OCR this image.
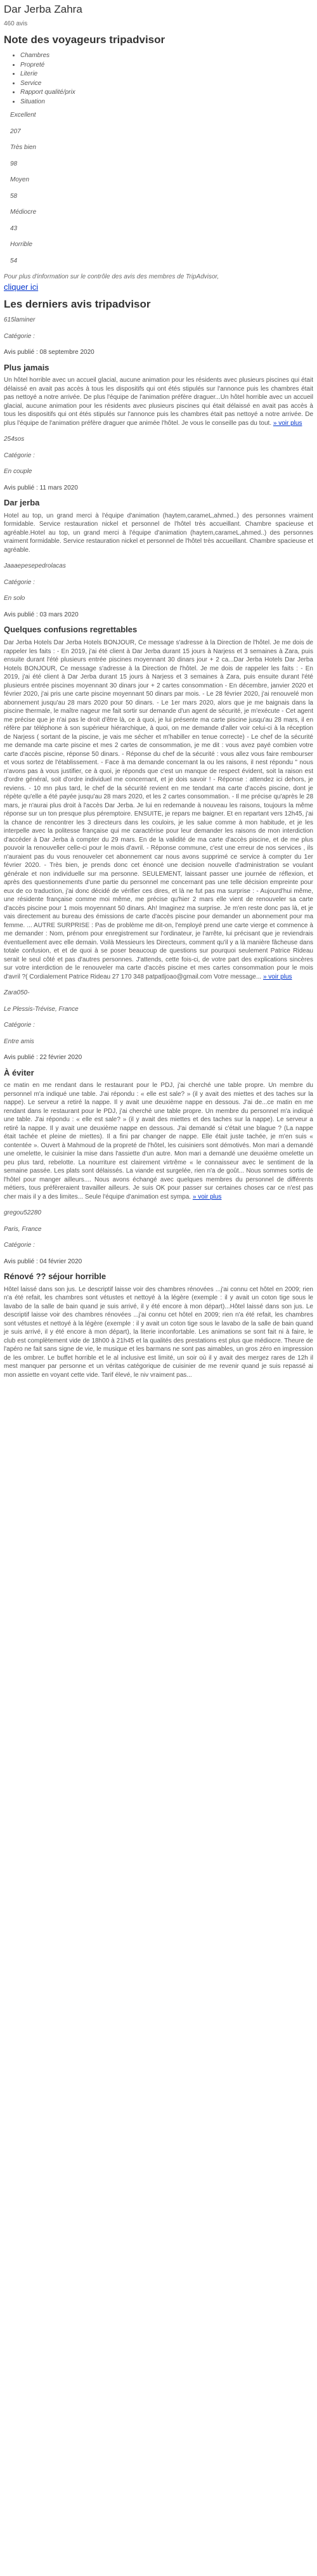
Dar Jerba Zahra
460 avis
Note des voyageurs tripadvisor
• Chambres
• Propreté
• Literie
• Service
• Rapport qualité/prix
• Situation
Excellent
207
Très bien
98
Moyen
58
Médiocre
43
Horrible
54
Pour plus d'information sur le contrôle des avis des membres de TripAdvisor,
cliquer ici
Les derniers avis tripadvisor

615laminer

Catégorie :

Avis publié : 08 septembre 2020
Plus jamais

Un hôtel horrible avec un accueil glacial, aucune animation pour les résidents avec plusieurs piscines qui était délaissé en avait pas accès à tous les dispositifs qui ont étés stipulés sur l'annonce puis les chambres était pas nettoyé a notre arrivée. De plus l'équipe de l'animation préfère draguer...Un hôtel horrible avec un accueil glacial, aucune animation pour les résidents avec plusieurs piscines qui était délaissé en avait pas accès à tous les dispositifs qui ont étés stipulés sur l'annonce puis les chambres était pas nettoyé a notre arrivée. De plus l'équipe de l'animation préfère draguer que animée l'hôtel. Je vous le conseille pas du tout. » voir plus

254sos

Catégorie :

En couple

Avis publié : 11 mars 2020
Dar jerba

Hotel au top, un grand merci à l'équipe d'animation (haytem,carameL,ahmed..) des personnes vraiment formidable. Service restauration nickel et personnel de l'hôtel très accueillant. Chambre spacieuse et agréable.Hotel au top, un grand merci à l'équipe d'animation (haytem,carameL,ahmed..) des personnes vraiment formidable. Service restauration nickel et personnel de l'hôtel très accueillant. Chambre spacieuse et agréable.

Jaaaepesepedrolacas

Catégorie :

En solo

Avis publié : 03 mars 2020
Quelques confusions regrettables

Dar Jerba Hotels Dar Jerba Hotels BONJOUR, Ce message s'adresse à la Direction de l'hôtel. Je me dois de rappeler les faits : - En 2019, j'ai été client à Dar Jerba durant 15 jours à Narjess et 3 semaines à Zara, puis ensuite durant l'été plusieurs entrée piscines moyennant 30 dinars jour + 2 ca...Dar Jerba Hotels Dar Jerba Hotels BONJOUR, Ce message s'adresse à la Direction de l'hôtel. Je me dois de rappeler les faits : - En 2019, j'ai été client à Dar Jerba durant 15 jours à Narjess et 3 semaines à Zara, puis ensuite durant l'été plusieurs entrée piscines moyennant 30 dinars jour + 2 cartes consommation - En décembre, janvier 2020 et février 2020, j'ai pris une carte piscine moyennant 50 dinars par mois. - Le 28 février 2020, j'ai renouvelé mon abonnement jusqu'au 28 mars 2020 pour 50 dinars. - Le 1er mars 2020, alors que je me baignais dans la piscine thermale, le maître nageur me fait sortir sur demande d'un agent de sécurité, je m'exécute - Cet agent me précise que je n'ai pas le droit d'être là, ce à quoi, je lui présente ma carte piscine jusqu'au 28 mars, il en réfère par téléphone à son supérieur hiérarchique, à quoi, on me demande d'aller voir celui-ci à la réception de Narjess ( sortant de la piscine, je vais me sécher et m'habiller en tenue correcte) - Le chef de la sécurité me demande ma carte piscine et mes 2 cartes de consommation, je me dit : vous avez payé combien votre carte d'accès piscine, réponse 50 dinars. - Réponse du chef de la sécurité : vous allez vous faire rembourser et vous sortez de l'établissement. - Face à ma demande concernant la ou les raisons, il nest répondu " nous n'avons pas à vous justifier, ce à quoi, je réponds que c'est un manque de respect évident, soit la raison est d'ordre général, soit d'ordre individuel me concernant, et je dois savoir ! - Réponse : attendez ici dehors, je reviens. - 10 mn plus tard, le chef de la sécurité revient en me tendant ma carte d'accès piscine, dont je répète qu'elle a été payée jusqu'au 28 mars 2020, et les 2 cartes consommation. - Il me précise qu'après le 28 mars, je n'aurai plus droit à l'accès Dar Jerba. Je lui en redemande à nouveau les raisons, toujours la même réponse sur un ton presque plus péremptoire. ENSUITE, je repars me baigner. Et en repartant vers 12h45, j'ai la chance de rencontrer les 3 directeurs dans les couloirs, je les salue comme à mon habitude, et je les interpelle avec la politesse française qui me caractérise pour leur demander les raisons de mon interdiction d'accéder à Dar Jerba à compter du 29 mars. En de la validité de ma carte d'accès piscine, et de me plus pouvoir la renouveller celle-ci pour le mois d'avril. - Réponse commune, c'est une erreur de nos services , ils n'auraient pas du vous renouveler cet abonnement car nous avons supprimé ce service à compter du 1er février 2020. - Très bien, je prends donc cet énoncé une decision nouvelle d'administration se voulant générale et non individuelle sur ma personne. SEULEMENT, laissant passer une journée de réflexion, et après des questionnements d'une partie du personnel me concernant pas une telle décision empreinte pour eux de co traduction, j'ai donc décidé de vérifier ces dires, et là ne fut pas ma surprise : - Aujourd'hui même, une résidente française comme moi même, me précise qu'hier 2 mars elle vient de renouveler sa carte d'accès piscine pour 1 mois moyennant 50 dinars. Ah! Imaginez ma surprise. Je m'en reste donc pas là, et je vais directement au bureau des émissions de carte d'accès piscine pour demander un abonnement pour ma femme. ... AUTRE SURPRISE : Pas de problème me dit-on, l'employé prend une carte vierge et commence à me demander : Nom, prénom pour enregistrement sur l'ordinateur, je l'arrête, lui précisant que je reviendrais éventuellement avec elle demain. Voilà Messieurs les Directeurs, comment qu'il y a là manière fâcheuse dans totale confusion, et et de quoi à se poser beaucoup de questions sur pourquoi seulement Patrice Rideau serait le seul côté et pas d'autres personnes. J'attends, cette fois-ci, de votre part des explications sincères sur votre interdiction de le renouveler ma carte d'accès piscine et mes cartes consommation pour le mois d'avril ?( Cordialement Patrice Rideau 27 170 348 patpatljoao@gmail.com Votre message... » voir plus

Zara050-

Le Plessis-Trévise, France

Catégorie :

Entre amis

Avis publié : 22 février 2020
À éviter

ce matin en me rendant dans le restaurant pour le PDJ, j'ai cherché une table propre. Un membre du personnel m'a indiqué une table. J'ai répondu : « elle est sale? » (il y avait des miettes et des taches sur la nappe). Le serveur a retiré la nappe. Il y avait une deuxième nappe en dessous. J'ai de...ce matin en me rendant dans le restaurant pour le PDJ, j'ai cherché une table propre. Un membre du personnel m'a indiqué une table. J'ai répondu : « elle est sale? » (il y avait des miettes et des taches sur la nappe). Le serveur a retiré la nappe. Il y avait une deuxième nappe en dessous. J'ai demandé si c'était une blague ? (La nappe était tachée et pleine de miettes). Il a fini par changer de nappe. Elle était juste tachée, je m'en suis « contentée ». Ouvert à Mahmoud de la propreté de l'hôtel, les cuisiniers sont démotivés. Mon mari a demandé une omelette, le cuisinier la mise dans l'assiette d'un autre. Mon mari a demandé une deuxième omelette un peu plus tard, rebelotte. La nourriture est clairement virtrême « le connaisseur avec le sentiment de la semaine passée. Les plats sont délaissés. La viande est surgelée, rien n'a de goût... Nous sommes sortis de l'hôtel pour manger ailleurs.... Nous avons échangé avec quelques membres du personnel de différents métiers, tous préfèreraient travailler ailleurs. Je suis OK pour passer sur certaines choses car ce n'est pas cher mais il y a des limites... Seule l'équipe d'animation est sympa. » voir plus

gregou52280

Paris, France

Catégorie :

Avis publié : 04 février 2020
Rénové ?? séjour horrible

Hôtel laissé dans son jus. Le descriptif laisse voir des chambres rénovées ...j'ai connu cet hôtel en 2009; rien n'a été refait, les chambres sont vétustes et nettoyé à la légère (exemple : il y avait un coton tige sous le lavabo de la salle de bain quand je suis arrivé, il y été encore à mon départ)...Hôtel laissé dans son jus. Le descriptif laisse voir des chambres rénovées ...j'ai connu cet hôtel en 2009; rien n'a été refait, les chambres sont vétustes et nettoyé à la légère (exemple : il y avait un coton tige sous le lavabo de la salle de bain quand je suis arrivé, il y été encore à mon départ), la literie inconfortable. Les animations se sont fait ni à faire, le club est complètement vide de 18h00 à 21h45 et la qualités des prestations est plus que médiocre. Theure de l'apéro ne fait sans signe de vie, le musique et les barmans ne sont pas aimables, un gros zéro en impression de les ombrer. Le buffet horrible et le al inclusive est limité, un soir où il y avait des mergez rares de 12h il mest manquer par personne et un véritas catégorique de cuisinier de me revenir quand je suis repassé ai mon assiette en voyant cette vide. Tarif élevé, le niv vraiment pas...
